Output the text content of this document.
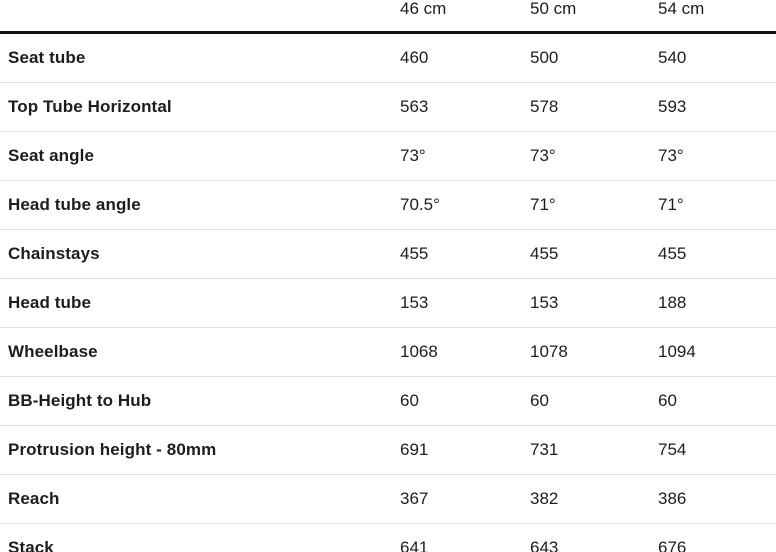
	46 cm	50 cm	54 cm
Seat tube	460	500	540
Top Tube Horizontal	563	578	593
Seat angle	73°	73°	73°
Head tube angle	70.5°	71°	71°
Chainstays	455	455	455
Head tube	153	153	188
Wheelbase	1068	1078	1094
BB-Height to Hub	60	60	60
Protrusion height - 80mm	691	731	754
Reach	367	382	386
Stack	641	643	676
